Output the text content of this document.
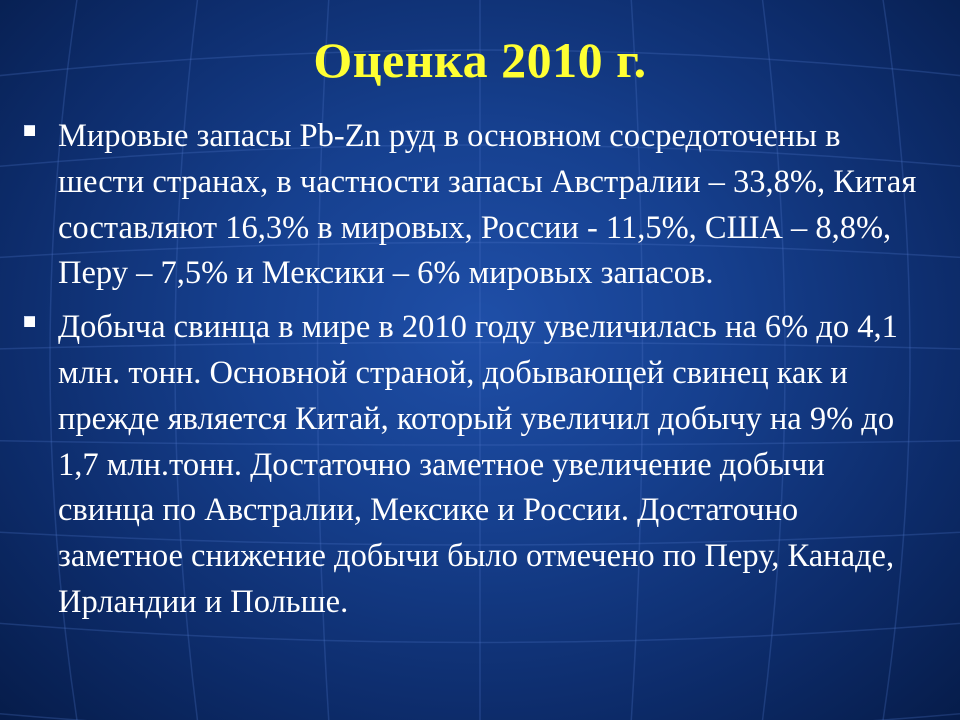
Оценка 2010 г.
Мировые запасы Pb-Zn руд в основном сосредоточены в шести странах, в частности запасы Австралии – 33,8%, Китая составляют 16,3% в мировых, России - 11,5%, США – 8,8%, Перу – 7,5% и Мексики – 6% мировых запасов.
Добыча свинца в мире в 2010 году увеличилась на 6% до 4,1 млн. тонн. Основной страной, добывающей свинец как и прежде является Китай, который увеличил добычу на 9% до 1,7 млн.тонн. Достаточно заметное увеличение добычи свинца по Австралии, Мексике и России. Достаточно заметное снижение добычи было отмечено по Перу, Канаде, Ирландии и Польше.
